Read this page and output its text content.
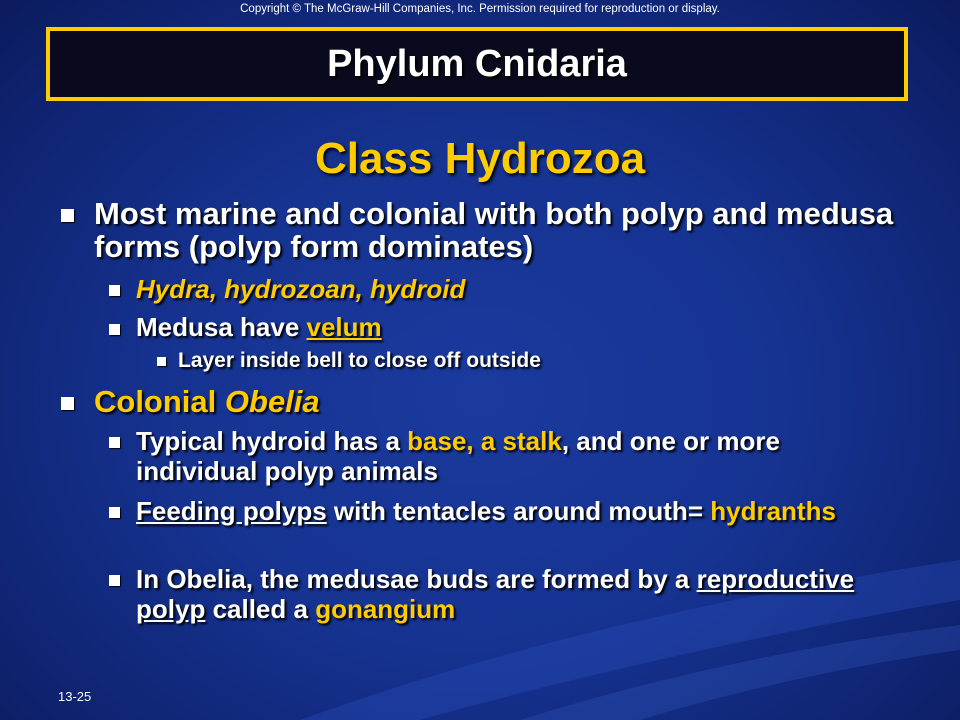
Copyright © The McGraw-Hill Companies, Inc. Permission required for reproduction or display.
Phylum Cnidaria
Class Hydrozoa
Most marine and colonial with both polyp and medusa forms (polyp form dominates)
Hydra, hydrozoan, hydroid
Medusa have velum
Layer inside bell to close off outside
Colonial Obelia
Typical hydroid has a base, a stalk, and one or more individual polyp animals
Feeding polyps with tentacles around mouth= hydranths
In Obelia, the medusae buds are formed by a reproductive polyp called a gonangium
13-25
